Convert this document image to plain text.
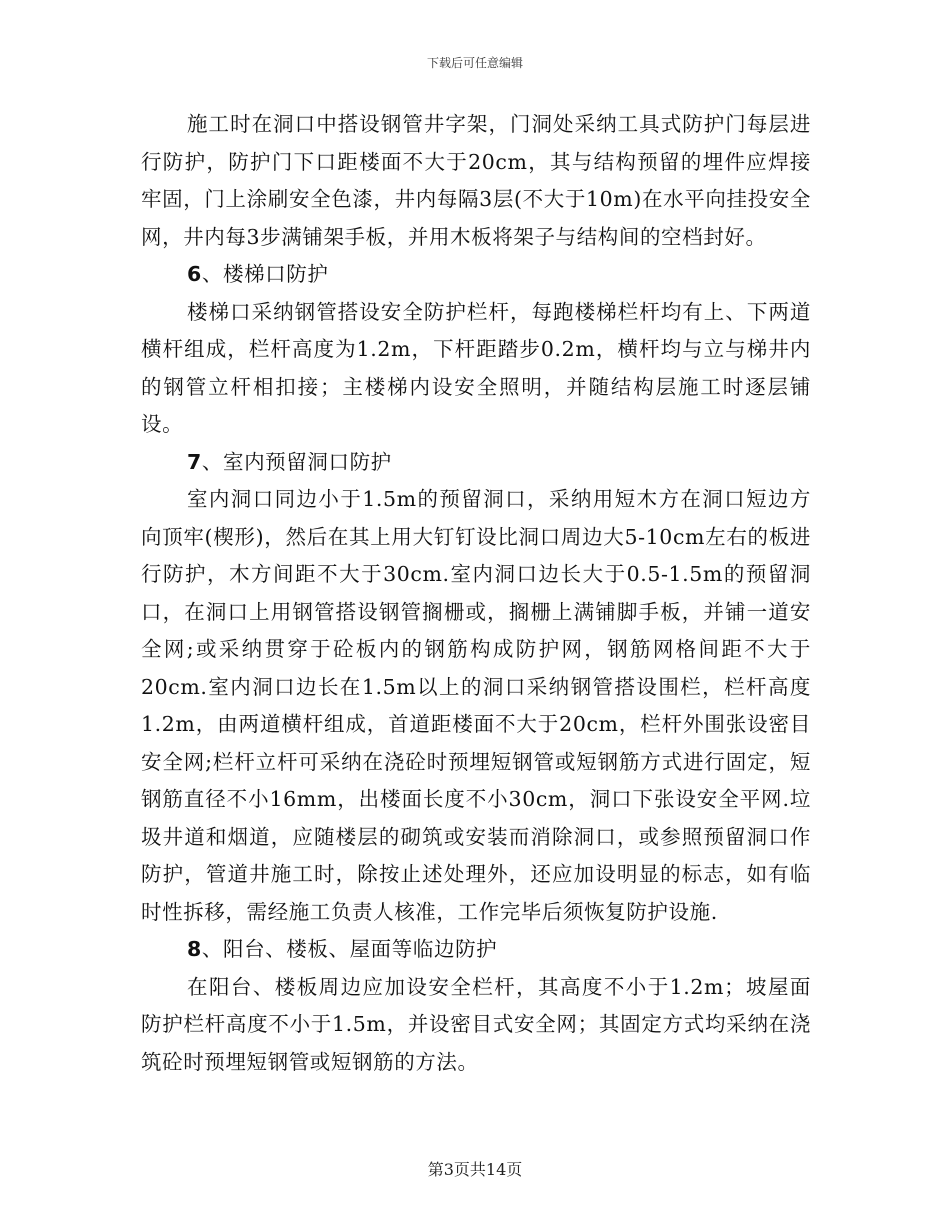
下载后可任意编辑

施工时在洞口中搭设钢管井字架，门洞处采纳工具式防护门每层进行防护，防护门下口距楼面不大于20cm，其与结构预留的埋件应焊接牢固，门上涂刷安全色漆，井内每隔3层(不大于10m)在水平向挂投安全网，井内每3步满铺架手板，并用木板将架子与结构间的空档封好。

6、楼梯口防护

楼梯口采纳钢管搭设安全防护栏杆，每跑楼梯栏杆均有上、下两道横杆组成，栏杆高度为1.2m，下杆距踏步0.2m，横杆均与立与梯井内的钢管立杆相扣接；主楼梯内设安全照明，并随结构层施工时逐层铺设。

7、室内预留洞口防护

室内洞口同边小于1.5m的预留洞口，采纳用短木方在洞口短边方向顶牢(楔形)，然后在其上用大钉钉设比洞口周边大5-10cm左右的板进行防护，木方间距不大于30cm.室内洞口边长大于0.5-1.5m的预留洞口，在洞口上用钢管搭设钢管搁栅或，搁栅上满铺脚手板，并铺一道安全网;或采纳贯穿于砼板内的钢筋构成防护网，钢筋网格间距不大于20cm.室内洞口边长在1.5m以上的洞口采纳钢管搭设围栏，栏杆高度1.2m，由两道横杆组成，首道距楼面不大于20cm，栏杆外围张设密目安全网;栏杆立杆可采纳在浇砼时预埋短钢管或短钢筋方式进行固定，短钢筋直径不小16mm，出楼面长度不小30cm，洞口下张设安全平网.垃圾井道和烟道，应随楼层的砌筑或安装而消除洞口，或参照预留洞口作防护，管道井施工时，除按止述处理外，还应加设明显的标志，如有临时性拆移，需经施工负责人核准，工作完毕后须恢复防护设施.

8、阳台、楼板、屋面等临边防护

在阳台、楼板周边应加设安全栏杆，其高度不小于1.2m；坡屋面防护栏杆高度不小于1.5m，并设密目式安全网；其固定方式均采纳在浇筑砼时预埋短钢管或短钢筋的方法。

第3页共14页
